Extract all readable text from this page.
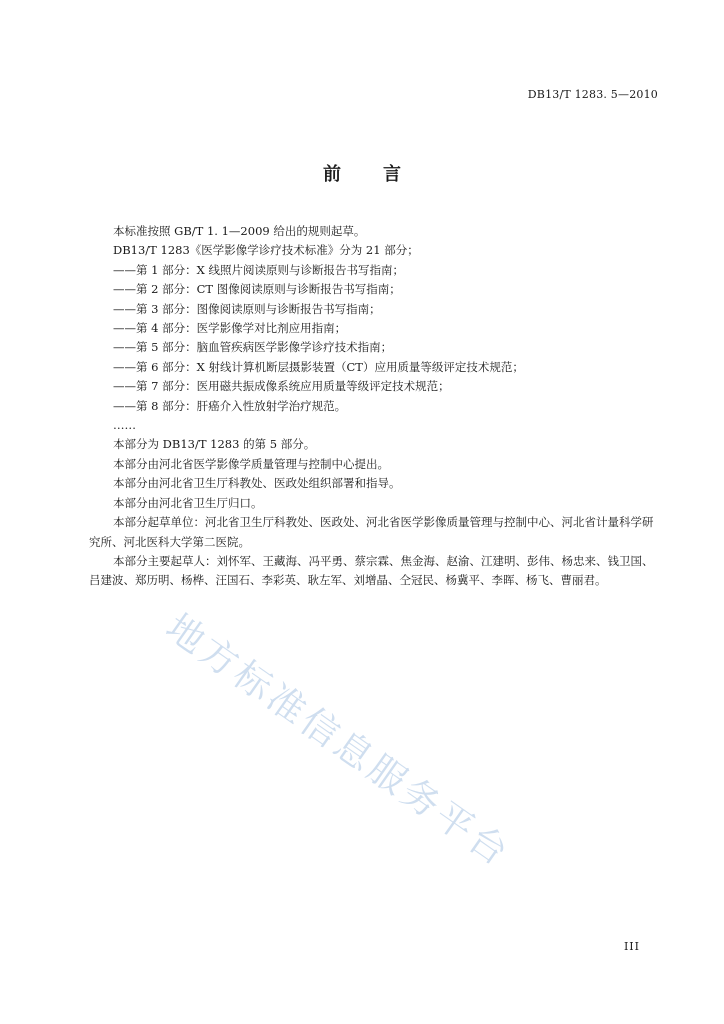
DB13/T 1283. 5—2010
前 言
本标准按照 GB/T 1. 1—2009 给出的规则起草。
DB13/T 1283《医学影像学诊疗技术标准》分为 21 部分；
——第 1 部分：X 线照片阅读原则与诊断报告书写指南；
——第 2 部分：CT 图像阅读原则与诊断报告书写指南；
——第 3 部分：图像阅读原则与诊断报告书写指南；
——第 4 部分：医学影像学对比剂应用指南；
——第 5 部分：脑血管疾病医学影像学诊疗技术指南；
——第 6 部分：X 射线计算机断层摄影装置（CT）应用质量等级评定技术规范；
——第 7 部分：医用磁共振成像系统应用质量等级评定技术规范；
——第 8 部分：肝癌介入性放射学治疗规范。
……
本部分为 DB13/T 1283 的第 5 部分。
本部分由河北省医学影像学质量管理与控制中心提出。
本部分由河北省卫生厅科教处、医政处组织部署和指导。
本部分由河北省卫生厅归口。
本部分起草单位：河北省卫生厅科教处、医政处、河北省医学影像质量管理与控制中心、河北省计量科学研究所、河北医科大学第二医院。
本部分主要起草人：刘怀军、王藏海、冯平勇、蔡宗霖、焦金海、赵渝、江建明、彭伟、杨忠来、钱卫国、吕建波、郑历明、杨桦、汪国石、李彩英、耿左军、刘增晶、仝冠民、杨冀平、李晖、杨飞、曹丽君。
地方标准信息服务平台
III
